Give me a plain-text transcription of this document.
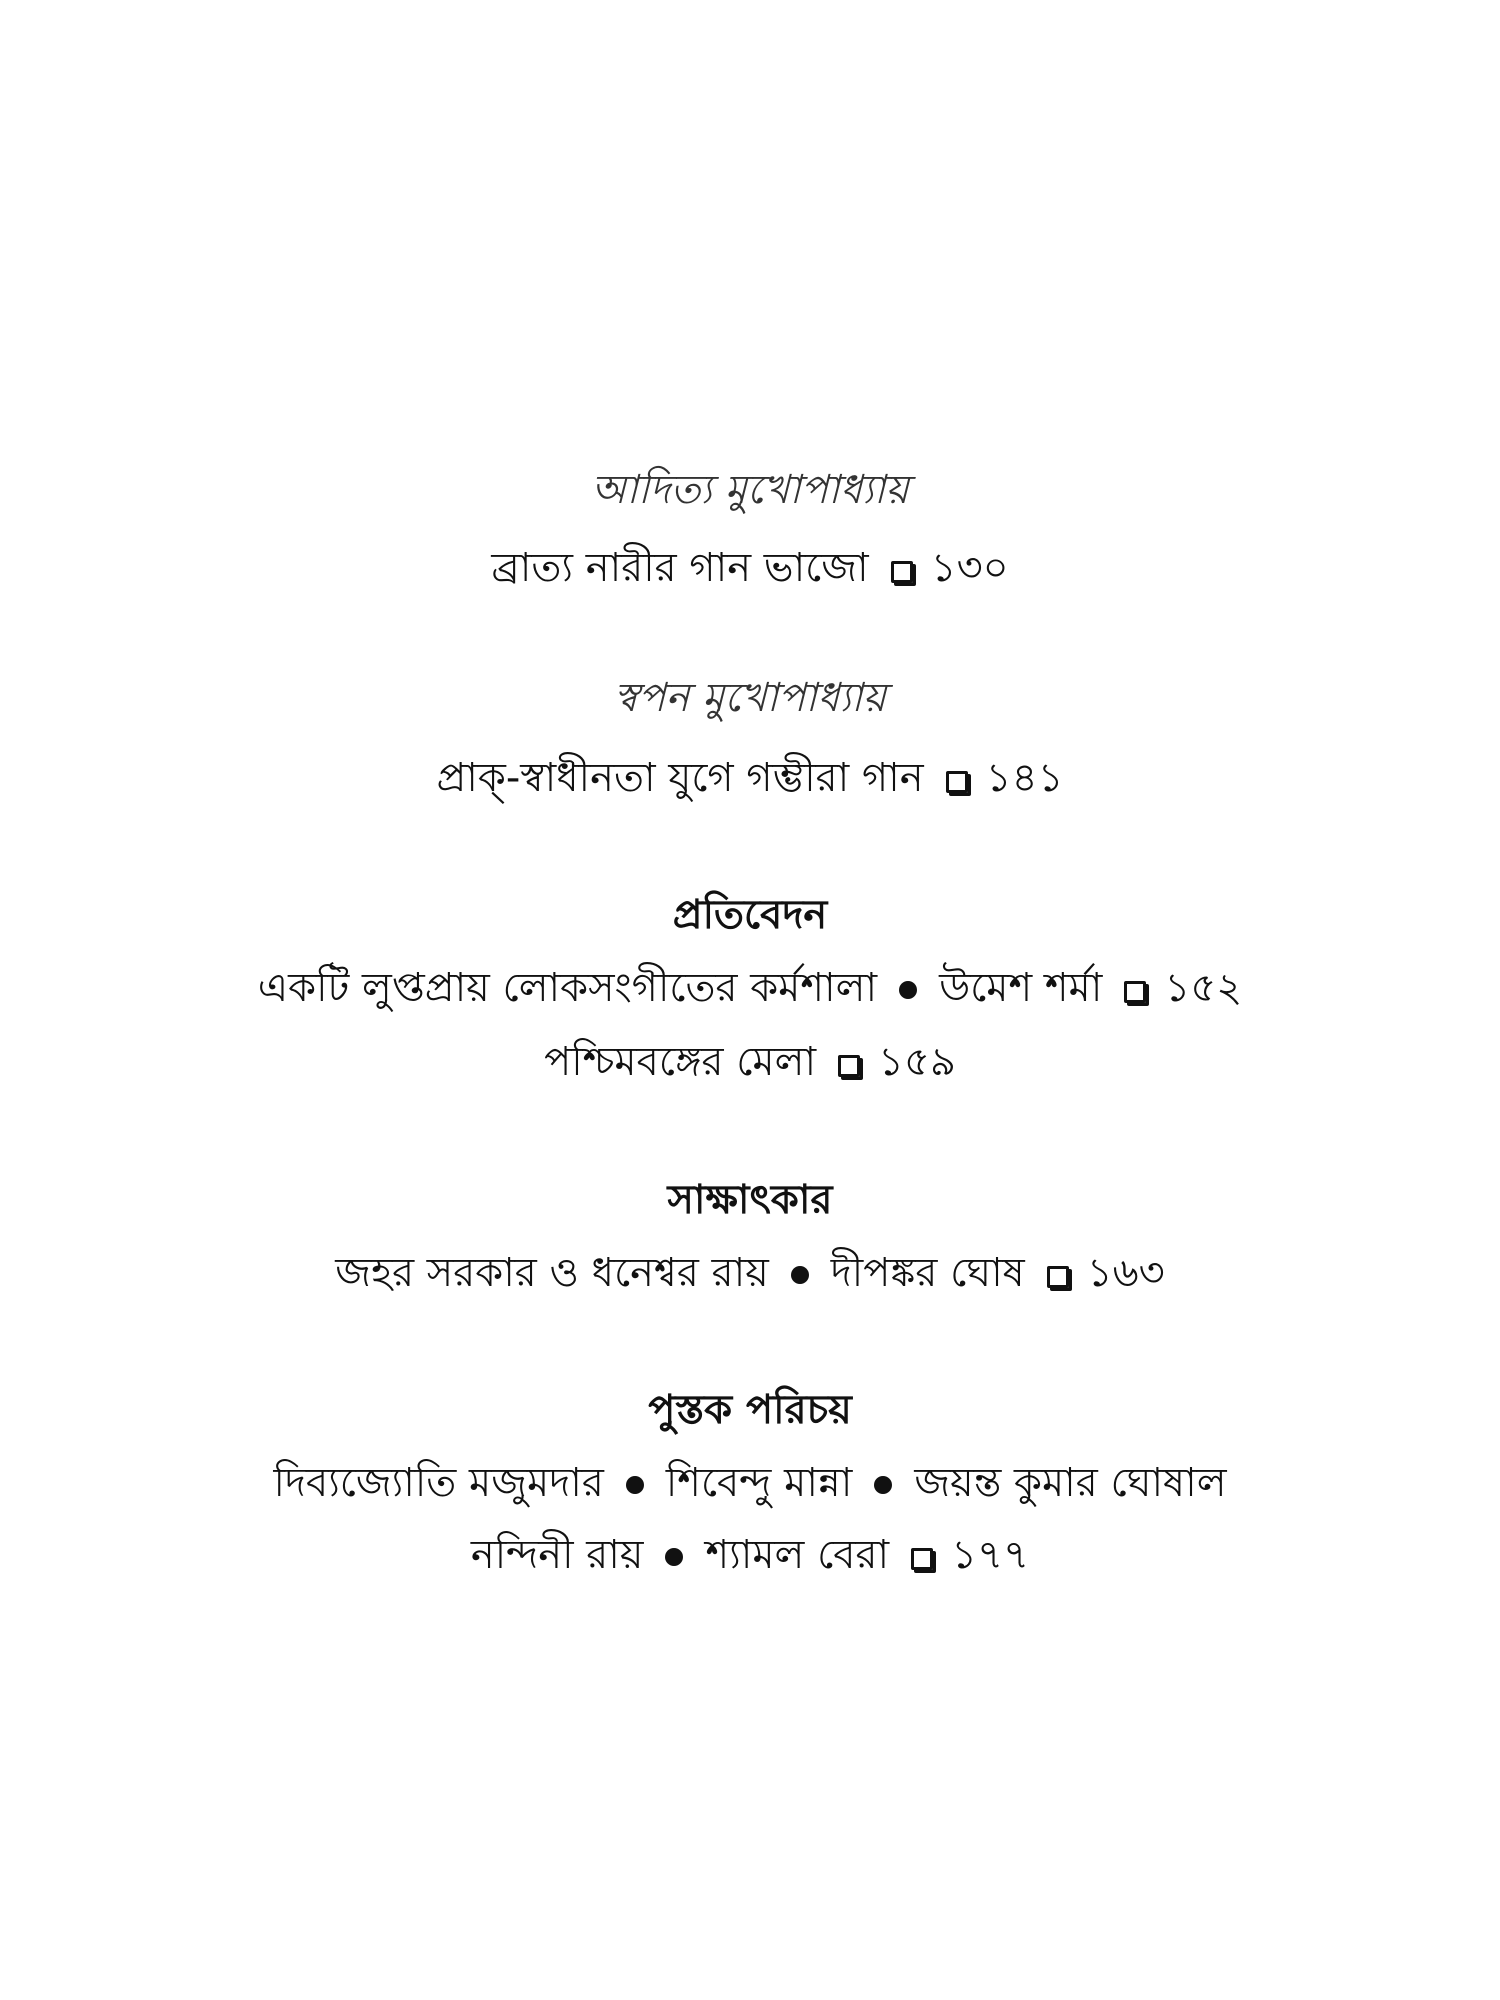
আদিত্য মুখোপাধ্যায়
ব্রাত্য নারীর গান ভাজো ১৩০
স্বপন মুখোপাধ্যায়
প্রাক্-স্বাধীনতা যুগে গম্ভীরা গান ১৪১
প্রতিবেদন
একটি লুপ্তপ্রায় লোকসংগীতের কর্মশালা উমেশ শর্মা ১৫২
পশ্চিমবঙ্গের মেলা ১৫৯
সাক্ষাৎকার
জহর সরকার ও ধনেশ্বর রায় দীপঙ্কর ঘোষ ১৬৩
পুস্তক পরিচয়
দিব্যজ্যোতি মজুমদার শিবেন্দু মান্না জয়ন্ত কুমার ঘোষাল
নন্দিনী রায় শ্যামল বেরা ১৭৭
